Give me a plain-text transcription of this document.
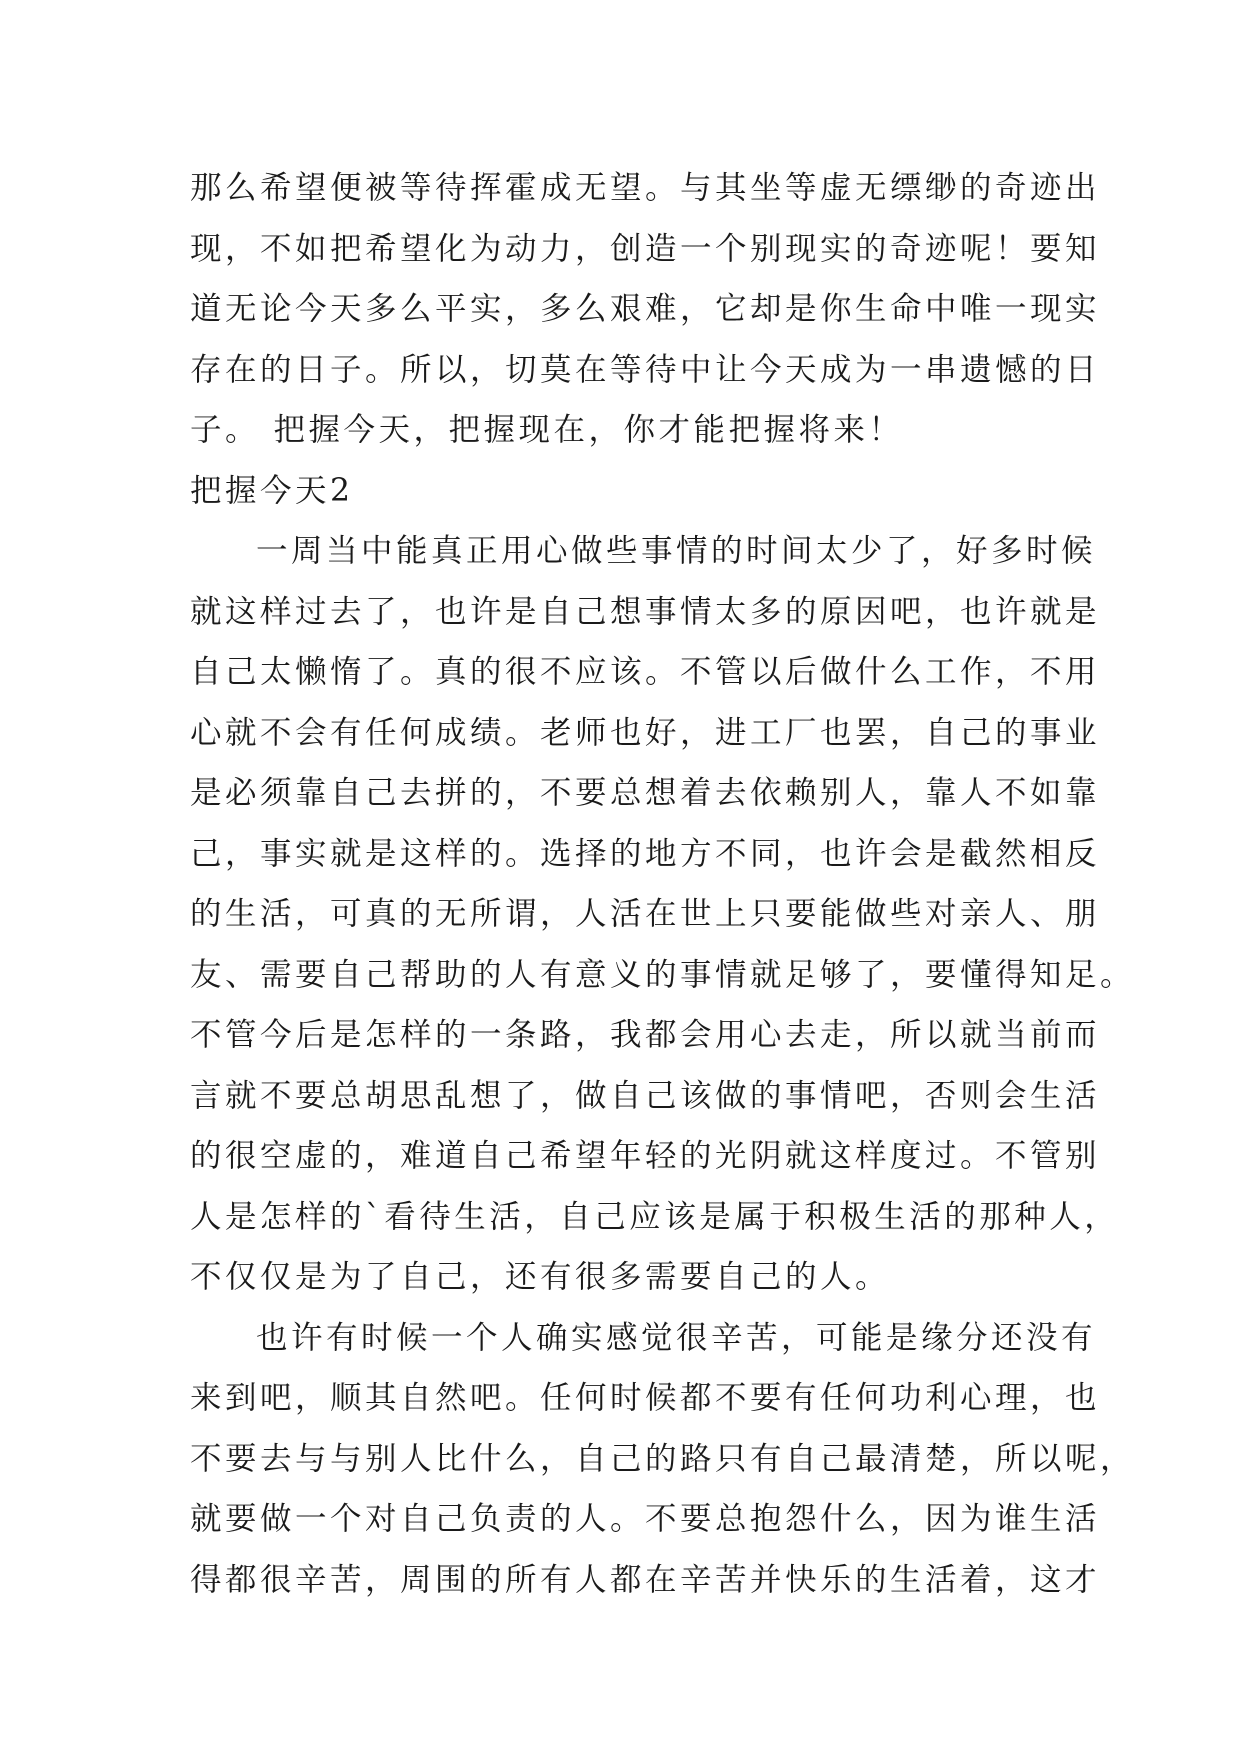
那么希望便被等待挥霍成无望。与其坐等虚无缥缈的奇迹出
现，不如把希望化为动力，创造一个别现实的奇迹呢！要知
道无论今天多么平实，多么艰难，它却是你生命中唯一现实
存在的日子。所以，切莫在等待中让今天成为一串遗憾的日
子。 把握今天，把握现在，你才能把握将来！
把握今天2
一周当中能真正用心做些事情的时间太少了，好多时候
就这样过去了，也许是自己想事情太多的原因吧，也许就是
自己太懒惰了。真的很不应该。不管以后做什么工作，不用
心就不会有任何成绩。老师也好，进工厂也罢，自己的事业
是必须靠自己去拼的，不要总想着去依赖别人，靠人不如靠
己，事实就是这样的。选择的地方不同，也许会是截然相反
的生活，可真的无所谓，人活在世上只要能做些对亲人、朋
友、需要自己帮助的人有意义的事情就足够了，要懂得知足。
不管今后是怎样的一条路，我都会用心去走，所以就当前而
言就不要总胡思乱想了，做自己该做的事情吧，否则会生活
的很空虚的，难道自己希望年轻的光阴就这样度过。不管别
人是怎样的`看待生活，自己应该是属于积极生活的那种人，
不仅仅是为了自己，还有很多需要自己的人。
也许有时候一个人确实感觉很辛苦，可能是缘分还没有
来到吧，顺其自然吧。任何时候都不要有任何功利心理，也
不要去与与别人比什么，自己的路只有自己最清楚，所以呢，
就要做一个对自己负责的人。不要总抱怨什么，因为谁生活
得都很辛苦，周围的所有人都在辛苦并快乐的生活着，这才
